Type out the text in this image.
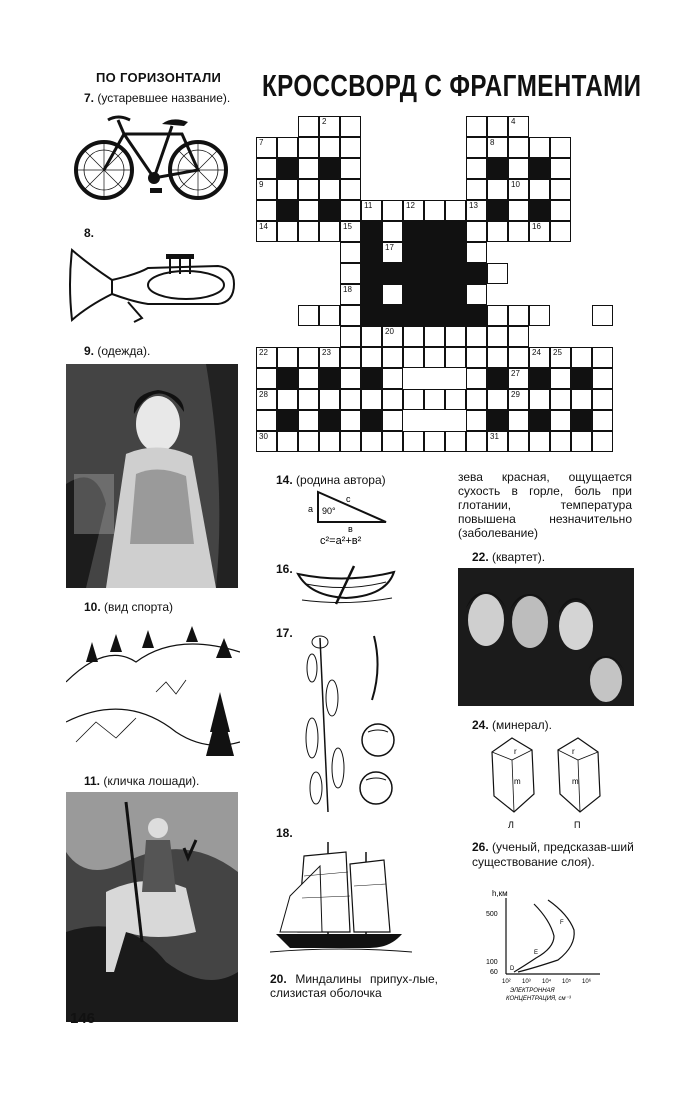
ПО ГОРИЗОНТАЛИ КРОССВОРД С ФРАГМЕНТАМИ
7. (устаревшее название).
8.
9. (одежда).
10. (вид спорта)
11. (кличка лошади).
146
2	4
7	8
9	10
11	12	13
14	15	16
17
18
20
22	23	24 25
27
28	29
30	31
14. (родина автора)
90°
a
в
c
c²=a²+в²
16.
17.
18.
20. Миндалины припух-лые, слизистая оболочка
зева красная, ощущается сухость в горле, боль при глотании, температура повышена незначительно (заболевание)
22. (квартет).
24. (минерал).
r
m
r
m
Л	П
26. (ученый, предсказав-ший существование слоя).
h,км
500
100
60 D
E
F
10² 10³ 10⁴ 10⁵ 10⁶
ЭЛЕКТРОННАЯ
КОНЦЕНТРАЦИЯ, см⁻³
